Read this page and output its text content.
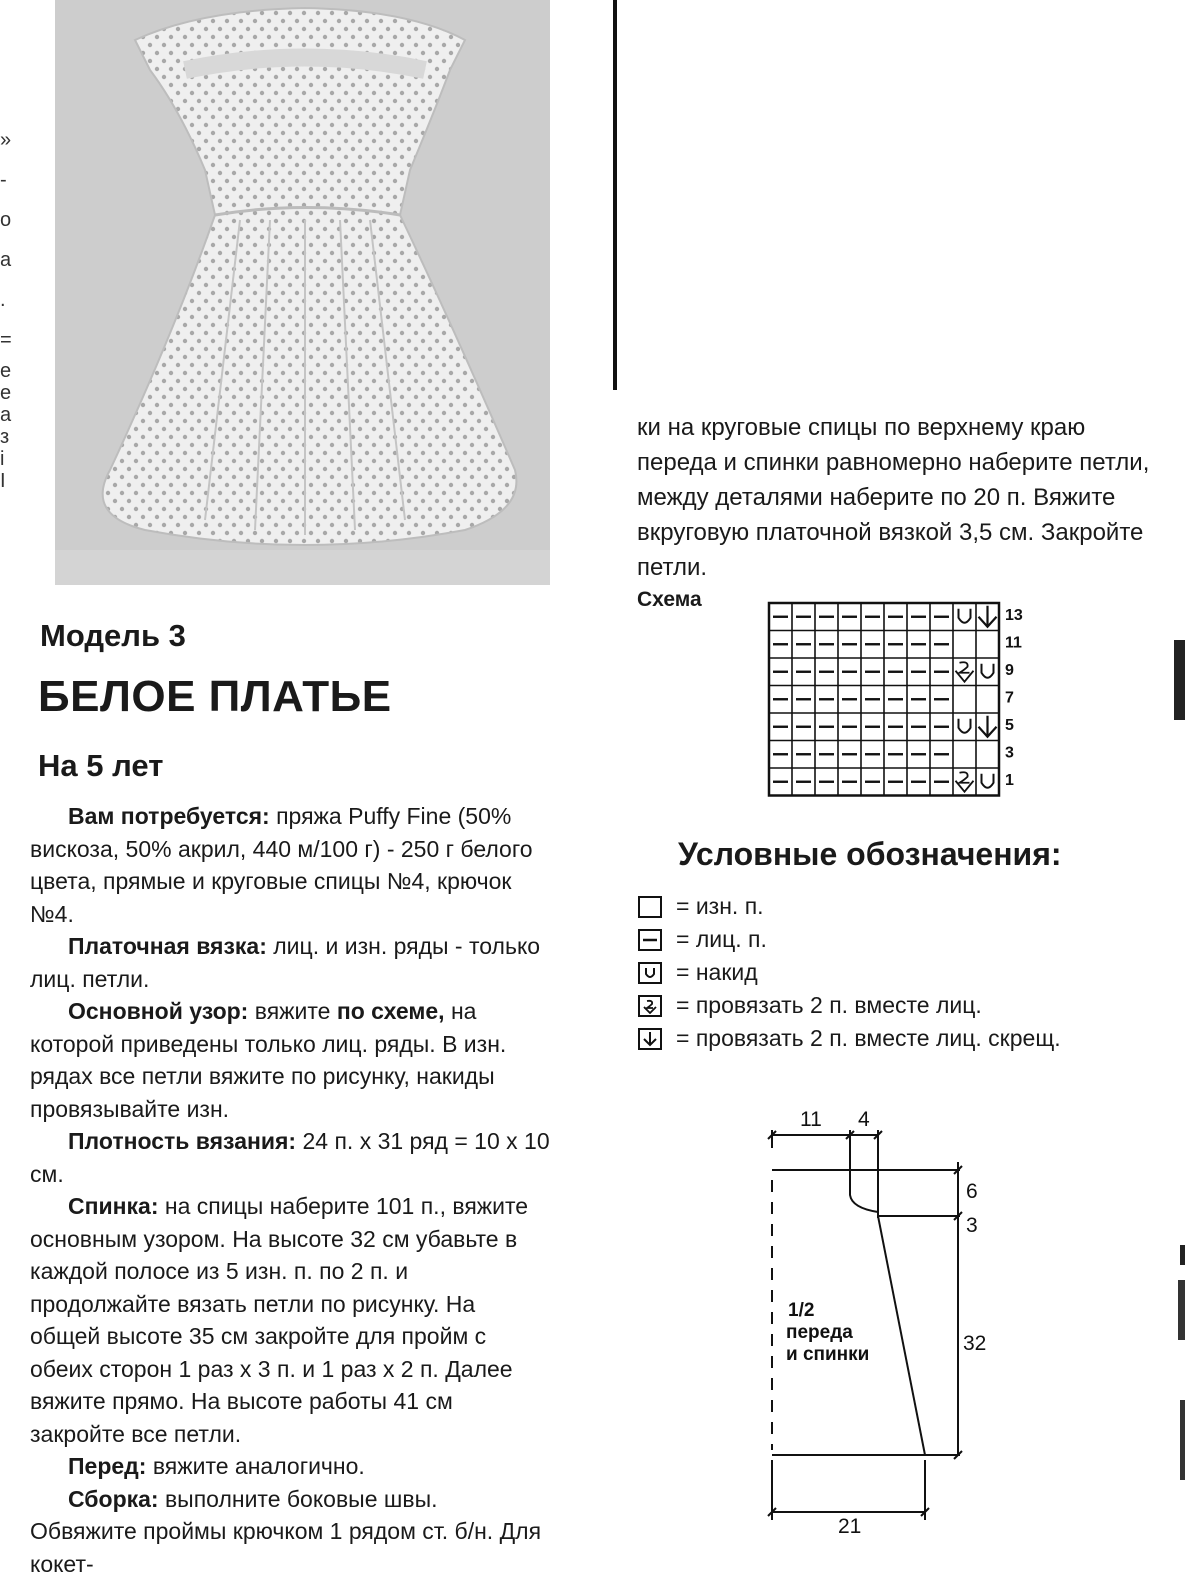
»
-
о
а
.
=
е
е
а
з
і
I
Модель 3
БЕЛОЕ ПЛАТЬЕ
На 5 лет

Вам потребуется: пряжа Puffy Fine (50% вискоза, 50% акрил, 440 м/100 г) - 250 г белого цвета, прямые и круговые спицы №4, крючок №4.

Платочная вязка: лиц. и изн. ряды - только лиц. петли.

Основной узор: вяжите по схеме, на которой приведены только лиц. ряды. В изн. рядах все петли вяжите по рисунку, накиды провязывайте изн.

Плотность вязания: 24 п. х 31 ряд = 10 х 10 см.

Спинка: на спицы наберите 101 п., вяжите основным узором. На высоте 32 см убавьте в каждой полосе из 5 изн. п. по 2 п. и продолжайте вязать петли по рисунку. На общей высоте 35 см закройте для пройм с обеих сторон 1 раз х 3 п. и 1 раз х 2 п. Далее вяжите прямо. На высоте работы 41 см закройте все петли.

Перед: вяжите аналогично.

Сборка: выполните боковые швы. Обвяжите проймы крючком 1 рядом ст. б/н. Для кокет-

ки на круговые спицы по верхнему краю переда и спинки равномерно наберите петли, между деталями наберите по 20 п. Вяжите вкруговую платочной вязкой 3,5 см. Закройте петли.
Схема
13
11
9
7
5
3
1
Условные обозначения:
= изн. п.
= лиц. п.
= накид
= провязать 2 п. вместе лиц.
= провязать 2 п. вместе лиц. скрещ.
11 4
6
3
32
21
1/2
переда
и спинки
